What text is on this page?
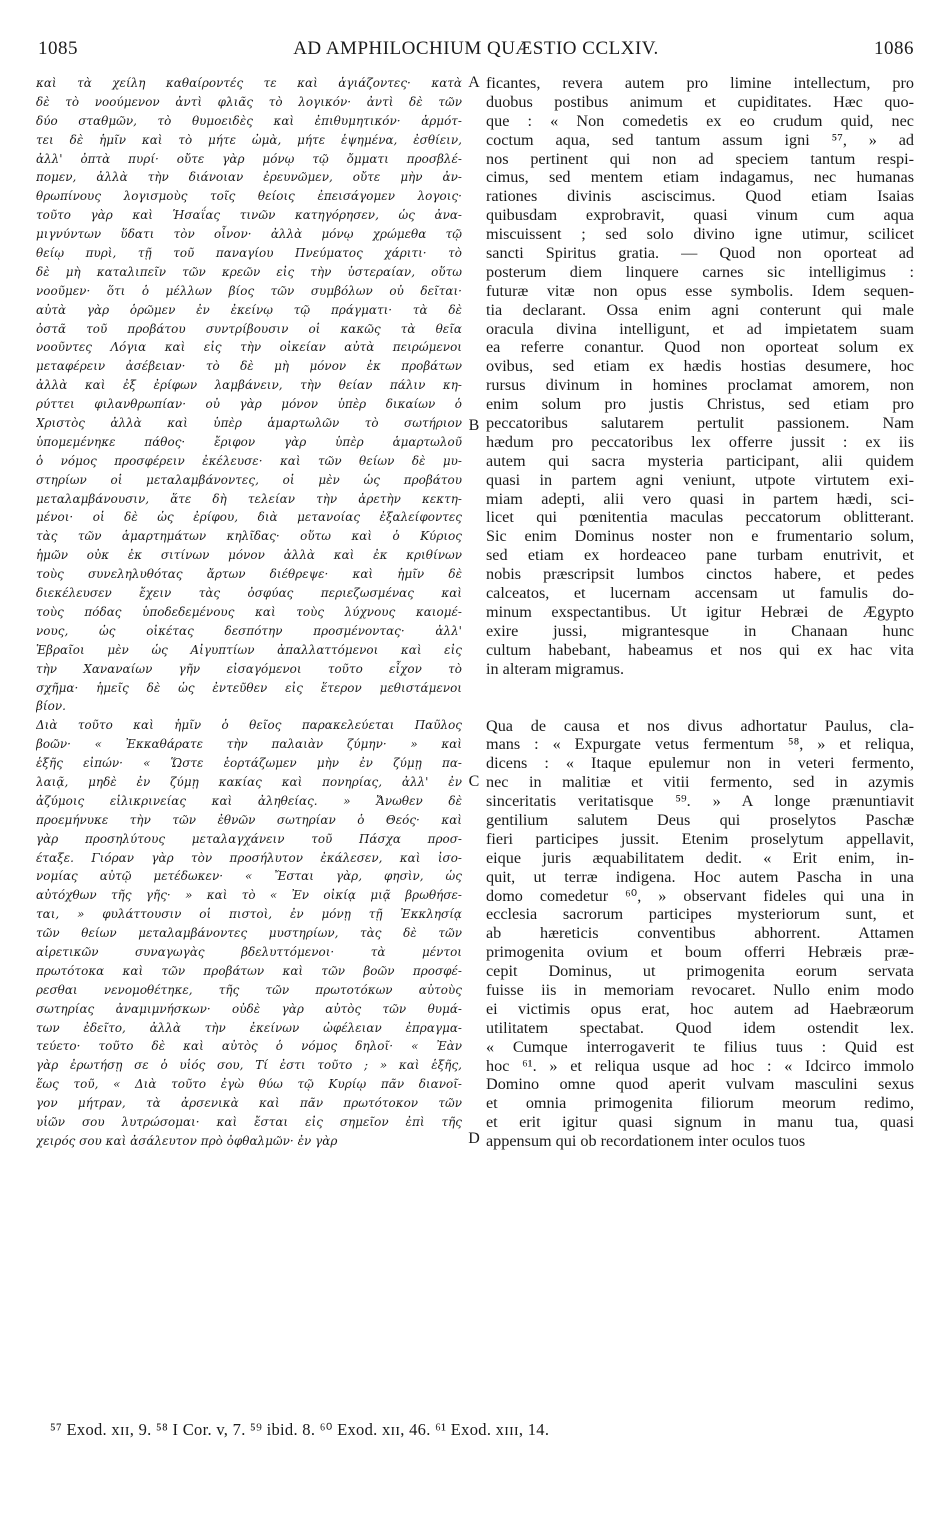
1085	AD AMPHILOCHIUM QUÆSTIO CCLXIV.	1086
καὶ τὰ χείλη καθαίροντές τε καὶ ἁγιάζοντες· κατὰ
δὲ τὸ νοούμενον ἀντὶ φλιᾶς τὸ λογικόν· ἀντὶ δὲ τῶν
δύο σταθμῶν, τὸ θυμοειδὲς καὶ ἐπιθυμητικόν· ἁρμότ-
τει δὲ ἡμῖν καὶ τὸ μήτε ὠμὰ, μήτε ἑψημένα, ἐσθίειν,
ἀλλ' ὀπτὰ πυρί· οὔτε γὰρ μόνῳ τῷ ὄμματι προσβλέ-
πομεν, ἀλλὰ τὴν διάνοιαν ἐρευνῶμεν, οὔτε μὴν ἀν-
θρωπίνους λογισμοὺς τοῖς θείοις ἐπεισάγομεν λογοις·
τοῦτο γὰρ καὶ Ἡσαΐας τινῶν κατηγόρησεν, ὡς ἀνα-
μιγνύντων ὕδατι τὸν οἶνον· ἀλλὰ μόνῳ χρώμεθα τῷ
θείῳ πυρὶ, τῇ τοῦ παναγίου Πνεύματος χάριτι· τὸ
δὲ μὴ καταλιπεῖν τῶν κρεῶν εἰς τὴν ὑστεραίαν, οὕτω
νοοῦμεν· ὅτι ὁ μέλλων βίος τῶν συμβόλων οὐ δεῖται·
αὐτὰ γὰρ ὁρῶμεν ἐν ἐκείνῳ τῷ πράγματι· τὰ δὲ
ὀστᾶ τοῦ προβάτου συντρίβουσιν οἱ κακῶς τὰ θεῖα
νοοῦντες Λόγια καὶ εἰς τὴν οἰκείαν αὐτὰ πειρώμενοι
μεταφέρειν ἀσέβειαν· τὸ δὲ μὴ μόνον ἐκ προβάτων
ἀλλὰ καὶ ἐξ ἐρίφων λαμβάνειν, τὴν θείαν πάλιν κη-
ρύττει φιλανθρωπίαν· οὐ γὰρ μόνον ὑπὲρ δικαίων ὁ
Χριστὸς ἀλλὰ καὶ ὑπὲρ ἁμαρτωλῶν τὸ σωτήριον
ὑπομεμένηκε πάθος· ἔριφον γὰρ ὑπὲρ ἁμαρτωλοῦ
ὁ νόμος προσφέρειν ἐκέλευσε· καὶ τῶν θείων δὲ μυ-
στηρίων οἱ μεταλαμβάνοντες, οἱ μὲν ὡς προβάτου
μεταλαμβάνουσιν, ἅτε δὴ τελείαν τὴν ἀρετὴν κεκτη-
μένοι· οἱ δὲ ὡς ἐρίφου, διὰ μετανοίας ἐξαλείφοντες
τὰς τῶν ἁμαρτημάτων κηλῖδας· οὕτω καὶ ὁ Κύριος
ἡμῶν οὐκ ἐκ σιτίνων μόνον ἀλλὰ καὶ ἐκ κριθίνων
τοὺς συνεληλυθότας ἄρτων διέθρεψε· καὶ ἡμῖν δὲ
διεκέλευσεν ἔχειν τὰς ὀσφύας περιεζωσμένας καὶ
τοὺς πόδας ὑποδεδεμένους καὶ τοὺς λύχνους καιομέ-
νους, ὡς οἰκέτας δεσπότην προσμένοντας· ἀλλ'
Ἑβραῖοι μὲν ὡς Αἰγυπτίων ἀπαλλαττόμενοι καὶ εἰς
τὴν Χαναναίων γῆν εἰσαγόμενοι τοῦτο εἶχον τὸ
σχῆμα· ἡμεῖς δὲ ὡς ἐντεῦθεν εἰς ἕτερον μεθιστάμενοι
βίον.
Διὰ τοῦτο καὶ ἡμῖν ὁ θεῖος παρακελεύεται Παῦλος
βοῶν· « Ἐκκαθάρατε τὴν παλαιὰν ζύμην· » καὶ
ἑξῆς εἰπών· « Ὥστε ἑορτάζωμεν μὴν ἐν ζύμῃ πα-
λαιᾷ, μηδὲ ἐν ζύμῃ κακίας καὶ πονηρίας, ἀλλ' ἐν
ἀζύμοις εἰλικρινείας καὶ ἀληθείας. » Ἄνωθεν δὲ
προεμήνυκε τὴν τῶν ἐθνῶν σωτηρίαν ὁ Θεός· καὶ
γὰρ προσηλύτους μεταλαγχάνειν τοῦ Πάσχα προσ-
έταξε. Γιόραν γὰρ τὸν προσήλυτον ἐκάλεσεν, καὶ ἰσο-
νομίας αὐτῷ μετέδωκεν· « Ἔσται γὰρ, φησὶν, ὡς
αὐτόχθων τῆς γῆς· » καὶ τὸ « Ἐν οἰκίᾳ μιᾷ βρωθήσε-
ται, » φυλάττουσιν οἱ πιστοὶ, ἐν μόνῃ τῇ Ἐκκλησίᾳ
τῶν θείων μεταλαμβάνοντες μυστηρίων, τὰς δὲ τῶν
αἱρετικῶν συναγωγὰς βδελυττόμενοι· τὰ μέντοι
πρωτότοκα καὶ τῶν προβάτων καὶ τῶν βοῶν προσφέ-
ρεσθαι νενομοθέτηκε, τῆς τῶν πρωτοτόκων αὐτοὺς
σωτηρίας ἀναμιμνήσκων· οὐδὲ γὰρ αὐτὸς τῶν θυμά-
των ἐδεῖτο, ἀλλὰ τὴν ἐκείνων ὠφέλειαν ἐπραγμα-
τεύετο· τοῦτο δὲ καὶ αὐτὸς ὁ νόμος δηλοῖ· « Ἐὰν
γὰρ ἐρωτήσῃ σε ὁ υἱός σου, Τί ἐστι τοῦτο ; » καὶ ἑξῆς,
ἕως τοῦ, « Διὰ τοῦτο ἐγὼ θύω τῷ Κυρίῳ πᾶν διανοῖ-
γον μήτραν, τὰ ἀρσενικὰ καὶ πᾶν πρωτότοκον τῶν
υἱῶν σου λυτρώσομαι· καὶ ἔσται εἰς σημεῖον ἐπὶ τῆς
χειρός σου καὶ ἀσάλευτον πρὸ ὀφθαλμῶν· ἐν γὰρ
ficantes, revera autem pro limine intellectum, pro
duobus postibus animum et cupiditates. Hæc quo-
que : « Non comedetis ex eo crudum quid, nec
coctum aqua, sed tantum assum igni ⁵⁷, » ad
nos pertinent qui non ad speciem tantum respi-
cimus, sed mentem etiam indagamus, nec humanas
rationes divinis asciscimus. Quod etiam Isaias
quibusdam exprobravit, quasi vinum cum aqua
miscuissent ; sed solo divino igne utimur, scilicet
sancti Spiritus gratia. — Quod non oporteat ad
posterum diem linquere carnes sic intelligimus :
futuræ vitæ non opus esse symbolis. Idem sequen-
tia declarant. Ossa enim agni conterunt qui male
oracula divina intelligunt, et ad impietatem suam
ea referre conantur. Quod non oporteat solum ex
ovibus, sed etiam ex hædis hostias desumere, hoc
rursus divinum in homines proclamat amorem, non
enim solum pro justis Christus, sed etiam pro
peccatoribus salutarem pertulit passionem. Nam
hædum pro peccatoribus lex offerre jussit : ex iis
autem qui sacra mysteria participant, alii quidem
quasi in partem agni veniunt, utpote virtutem exi-
miam adepti, alii vero quasi in partem hædi, sci-
licet qui pœnitentia maculas peccatorum oblitterant.
Sic enim Dominus noster non e frumentario solum,
sed etiam ex hordeaceo pane turbam enutrivit, et
nobis præscripsit lumbos cinctos habere, et pedes
calceatos, et lucernam accensam ut famulis do-
minum exspectantibus. Ut igitur Hebræi de Ægypto
exire jussi, migrantesque in Chanaan hunc
cultum habebant, habeamus et nos qui ex hac vita
in alteram migramus.
Qua de causa et nos divus adhortatur Paulus, cla-
mans : « Expurgate vetus fermentum ⁵⁸, » et reliqua,
dicens : « Itaque epulemur non in veteri fermento,
nec in malitiæ et vitii fermento, sed in azymis
sinceritatis veritatisque ⁵⁹. » A longe prænuntiavit
gentilium salutem Deus qui proselytos Paschæ
fieri participes jussit. Etenim proselytum appellavit,
eique juris æquabilitatem dedit. « Erit enim, in-
quit, ut terræ indigena. Hoc autem Pascha in una
domo comedetur ⁶⁰, » observant fideles qui una in
ecclesia sacrorum participes mysteriorum sunt, et
ab hæreticis conventibus abhorrent. Attamen
primogenita ovium et boum offerri Hebræis præ-
cepit Dominus, ut primogenita eorum servata
fuisse iis in memoriam revocaret. Nullo enim modo
ei victimis opus erat, hoc autem ad Haebræorum
utilitatem spectabat. Quod idem ostendit lex.
« Cumque interrogaverit te filius tuus : Quid est
hoc ⁶¹. » et reliqua usque ad hoc : « Idcirco immolo
Domino omne quod aperit vulvam masculini sexus
et omnia primogenita filiorum meorum redimo,
et erit igitur quasi signum in manu tua, quasi
appensum qui ob recordationem inter oculos tuos
A
B
C
D
⁵⁷ Exod. xɪɪ, 9. ⁵⁸ I Cor. v, 7. ⁵⁹ ibid. 8. ⁶⁰ Exod. xɪɪ, 46. ⁶¹ Exod. xɪɪɪ, 14.
